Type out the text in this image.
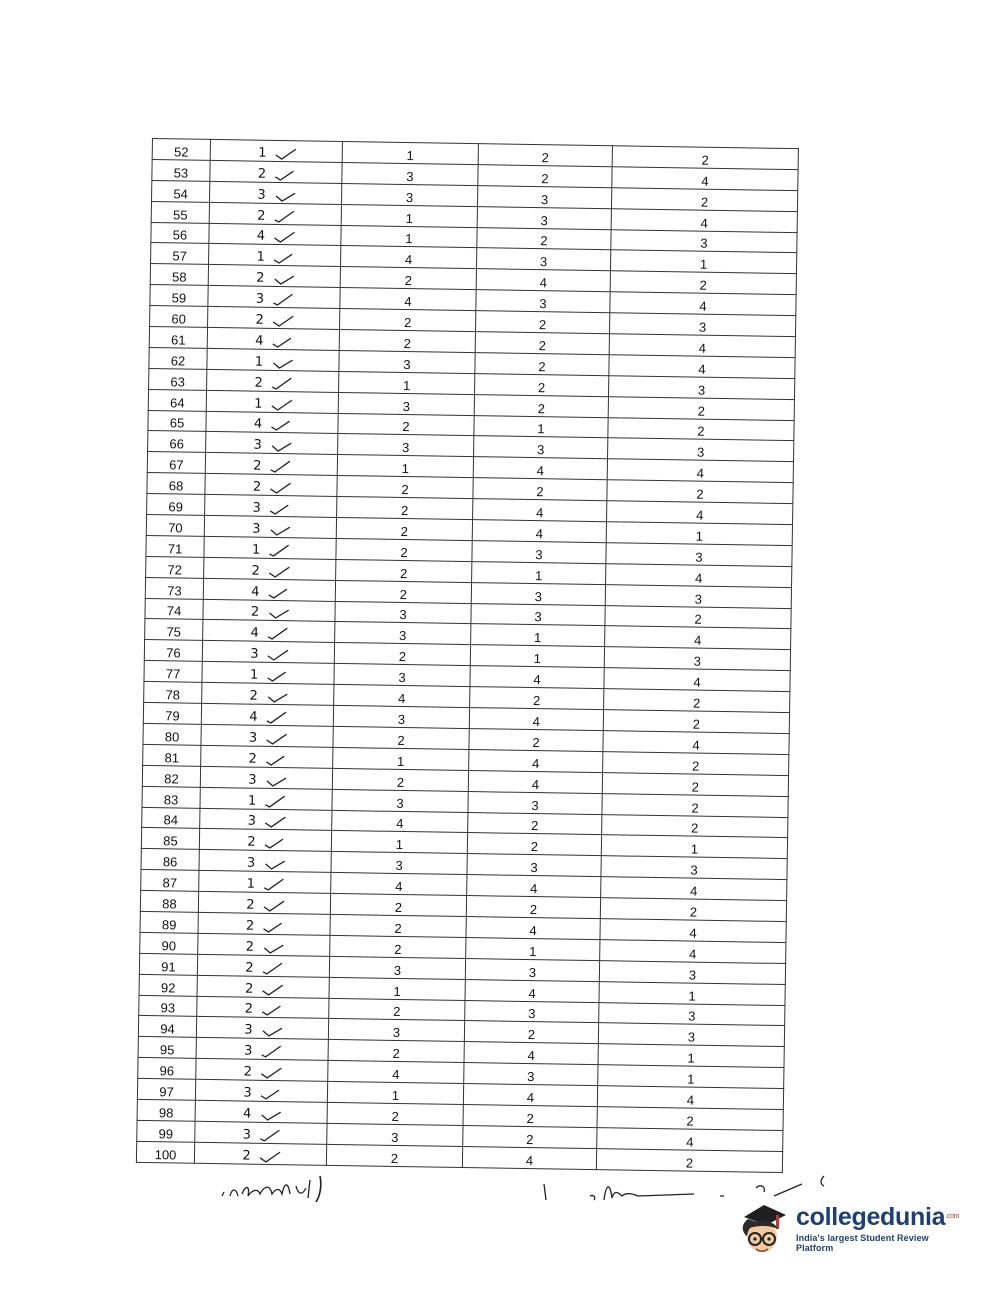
52	1	1	2	2
53	2	3	2	4
54	3	3	3	2
55	2	1	3	4
56	4	1	2	3
57	1	4	3	1
58	2	2	4	2
59	3	4	3	4
60	2	2	2	3
61	4	2	2	4
62	1	3	2	4
63	2	1	2	3
64	1	3	2	2
65	4	2	1	2
66	3	3	3	3
67	2	1	4	4
68	2	2	2	2
69	3	2	4	4
70	3	2	4	1
71	1	2	3	3
72	2	2	1	4
73	4	2	3	3
74	2	3	3	2
75	4	3	1	4
76	3	2	1	3
77	1	3	4	4
78	2	4	2	2
79	4	3	4	2
80	3	2	2	4
81	2	1	4	2
82	3	2	4	2
83	1	3	3	2
84	3	4	2	2
85	2	1	2	1
86	3	3	3	3
87	1	4	4	4
88	2	2	2	2
89	2	2	4	4
90	2	2	1	4
91	2	3	3	3
92	2	1	4	1
93	2	2	3	3
94	3	3	2	3
95	3	2	4	1
96	2	4	3	1
97	3	1	4	4
98	4	2	2	2
99	3	3	2	4
100	2	2	4	2
collegedunia$^{.com}$
India's largest Student Review Platform
